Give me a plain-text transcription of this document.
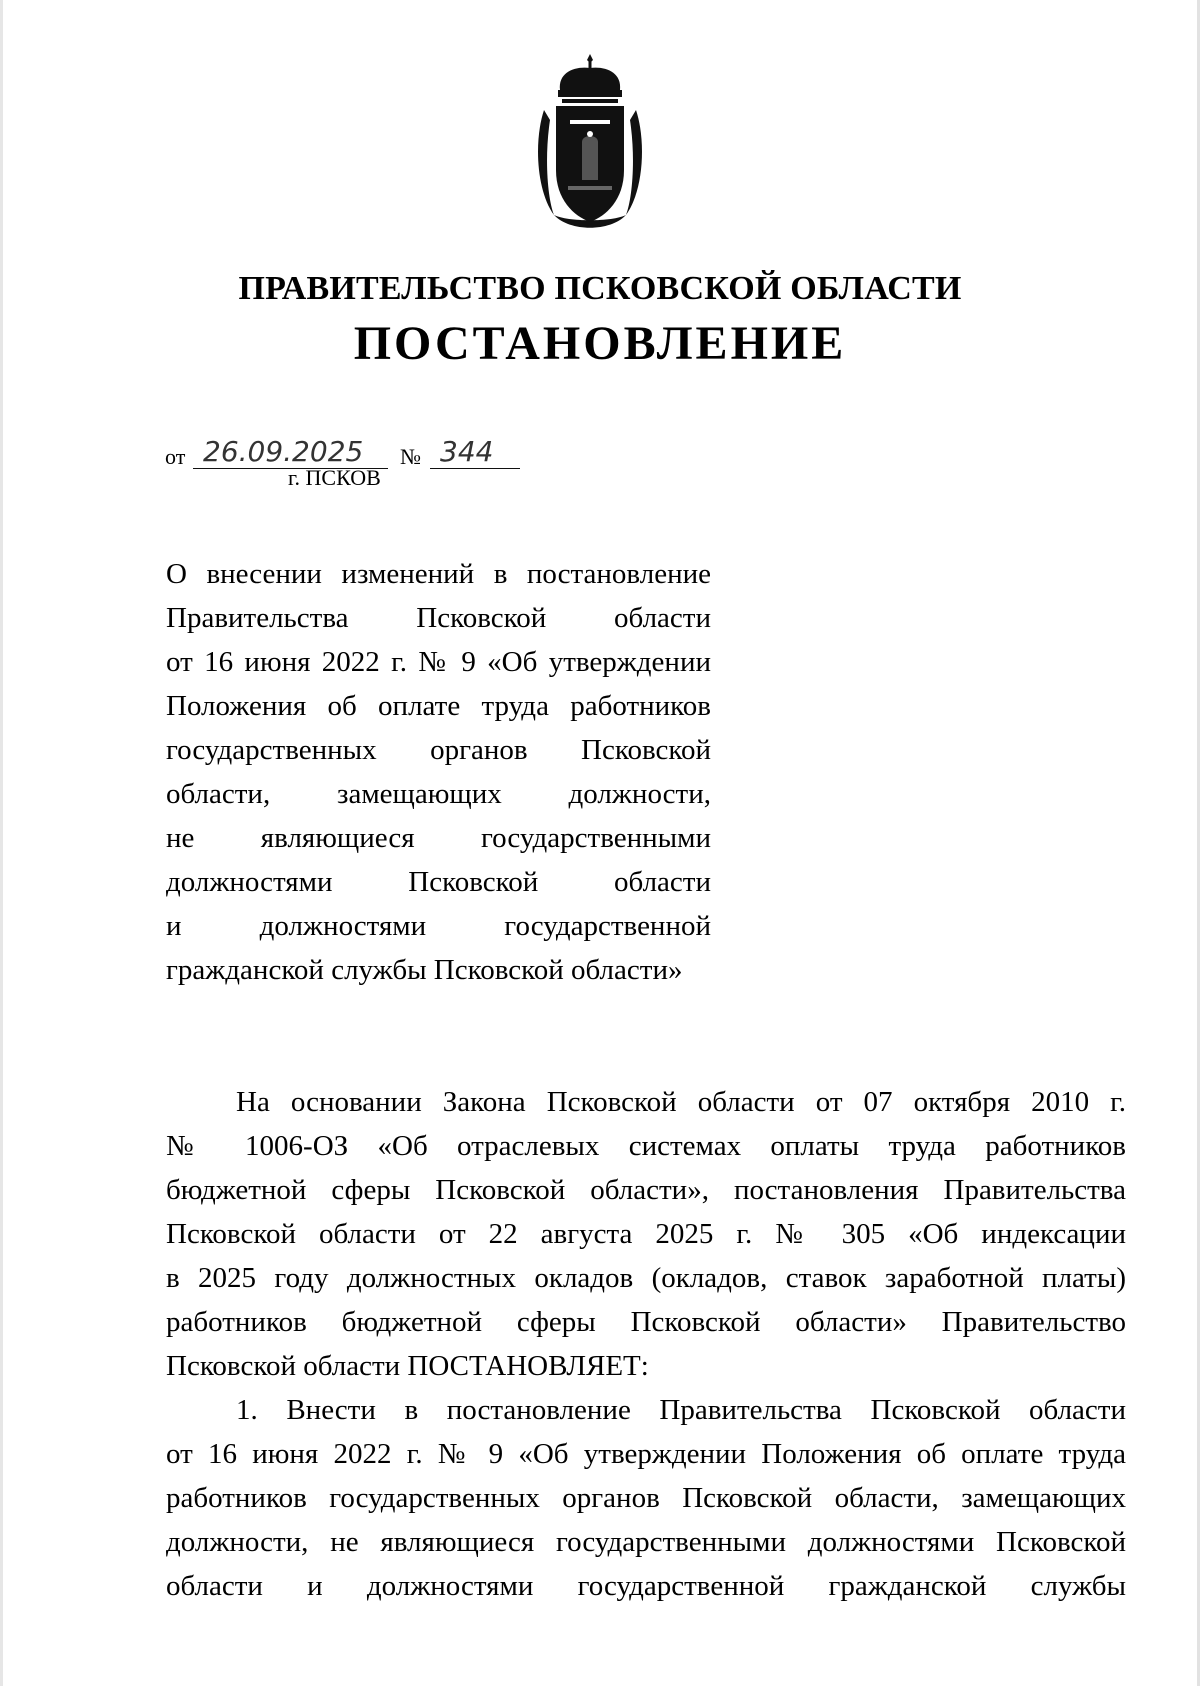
ПРАВИТЕЛЬСТВО ПСКОВСКОЙ ОБЛАСТИ
ПОСТАНОВЛЕНИЕ
от 26.09.2025	№ 344
г. ПСКОВ
О внесении изменений в постановление
Правительства Псковской области
от 16 июня 2022 г. № 9 «Об утверждении
Положения об оплате труда работников
государственных органов Псковской
области, замещающих должности,
не являющиеся государственными
должностями Псковской области
и должностями государственной
гражданской службы Псковской области»
На основании Закона Псковской области от 07 октября 2010 г.
№ 1006-ОЗ «Об отраслевых системах оплаты труда работников
бюджетной сферы Псковской области», постановления Правительства
Псковской области от 22 августа 2025 г. № 305 «Об индексации
в 2025 году должностных окладов (окладов, ставок заработной платы)
работников бюджетной сферы Псковской области» Правительство
Псковской области ПОСТАНОВЛЯЕТ:
1. Внести в постановление Правительства Псковской области
от 16 июня 2022 г. № 9 «Об утверждении Положения об оплате труда
работников государственных органов Псковской области, замещающих
должности, не являющиеся государственными должностями Псковской
области и должностями государственной гражданской службы
